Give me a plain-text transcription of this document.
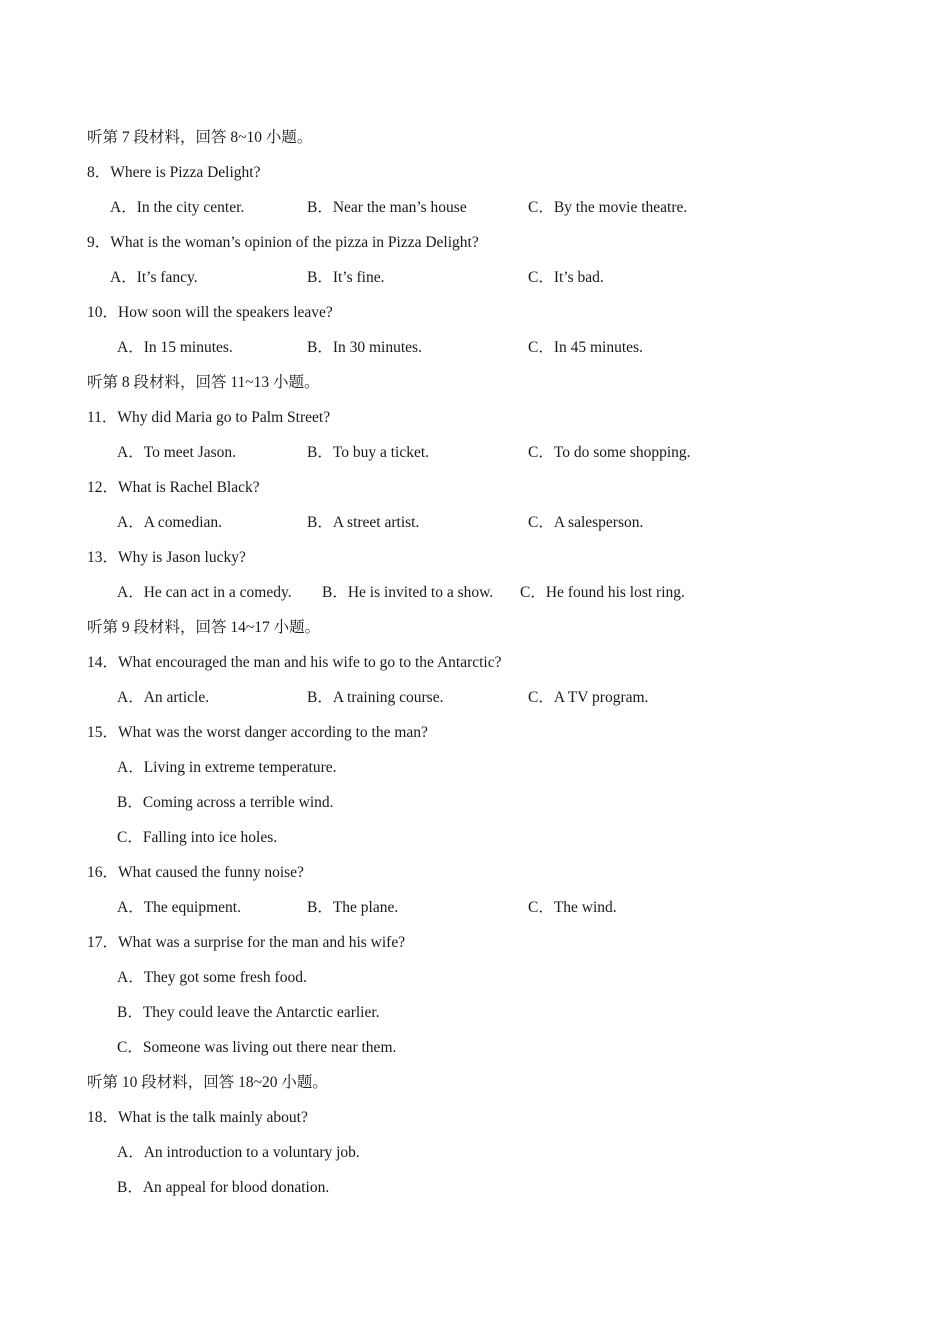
听第 7 段材料，回答 8~10 小题。
8．Where is Pizza Delight?
A．In the city center.	B．Near the man’s house	C．By the movie theatre.
9．What is the woman’s opinion of the pizza in Pizza Delight?
A．It’s fancy.	B．It’s fine.	C．It’s bad.
10．How soon will the speakers leave?
A．In 15 minutes.	B．In 30 minutes.	C．In 45 minutes.
听第 8 段材料，回答 11~13 小题。
11．Why did Maria go to Palm Street?
A．To meet Jason.	B．To buy a ticket.	C．To do some shopping.
12．What is Rachel Black?
A．A comedian.	B．A street artist.	C．A salesperson.
13．Why is Jason lucky?
A．He can act in a comedy. B．He is invited to a show. C．He found his lost ring.
听第 9 段材料，回答 14~17 小题。
14．What encouraged the man and his wife to go to the Antarctic?
A．An article.	B．A training course.	C．A TV program.
15．What was the worst danger according to the man?
A．Living in extreme temperature.
B．Coming across a terrible wind.
C．Falling into ice holes.
16．What caused the funny noise?
A．The equipment.	B．The plane.	C．The wind.
17．What was a surprise for the man and his wife?
A．They got some fresh food.
B．They could leave the Antarctic earlier.
C．Someone was living out there near them.
听第 10 段材料，回答 18~20 小题。
18．What is the talk mainly about?
A．An introduction to a voluntary job.
B．An appeal for blood donation.
